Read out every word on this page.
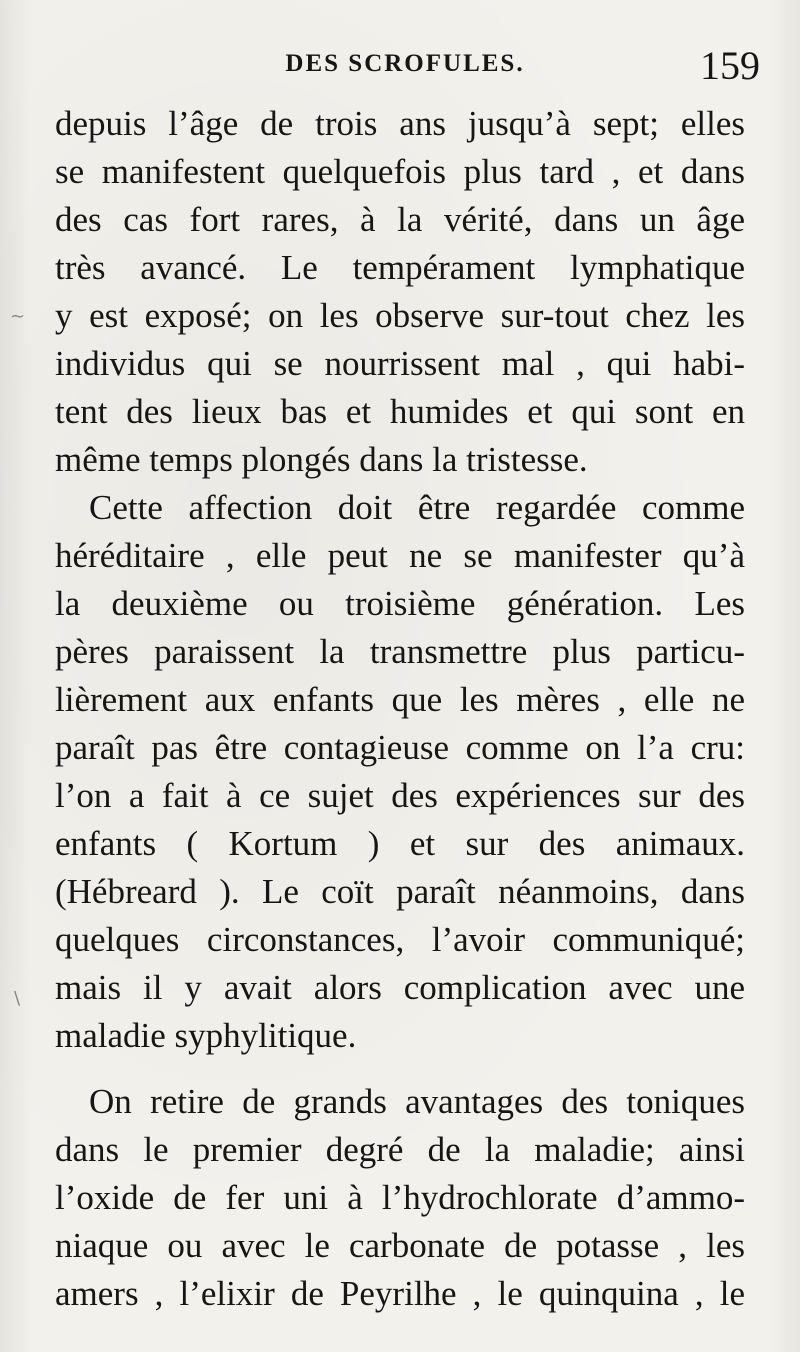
DES SCROFULES.	159
~
\
depuis l’âge de trois ans jusqu’à sept; elles
se manifestent quelquefois plus tard , et dans
des cas fort rares, à la vérité, dans un âge
très avancé. Le tempérament lymphatique
y est exposé; on les observe sur-tout chez les
individus qui se nourrissent mal , qui habi-
tent des lieux bas et humides et qui sont en
même temps plongés dans la tristesse.
Cette affection doit être regardée comme
héréditaire , elle peut ne se manifester qu’à
la deuxième ou troisième génération. Les
pères paraissent la transmettre plus particu-
lièrement aux enfants que les mères , elle ne
paraît pas être contagieuse comme on l’a cru:
l’on a fait à ce sujet des expériences sur des
enfants ( Kortum ) et sur des animaux.
(Hébreard ). Le coït paraît néanmoins, dans
quelques circonstances, l’avoir communiqué;
mais il y avait alors complication avec une
maladie syphylitique.
On retire de grands avantages des toniques
dans le premier degré de la maladie; ainsi
l’oxide de fer uni à l’hydrochlorate d’ammo-
niaque ou avec le carbonate de potasse , les
amers , l’elixir de Peyrilhe , le quinquina , le
